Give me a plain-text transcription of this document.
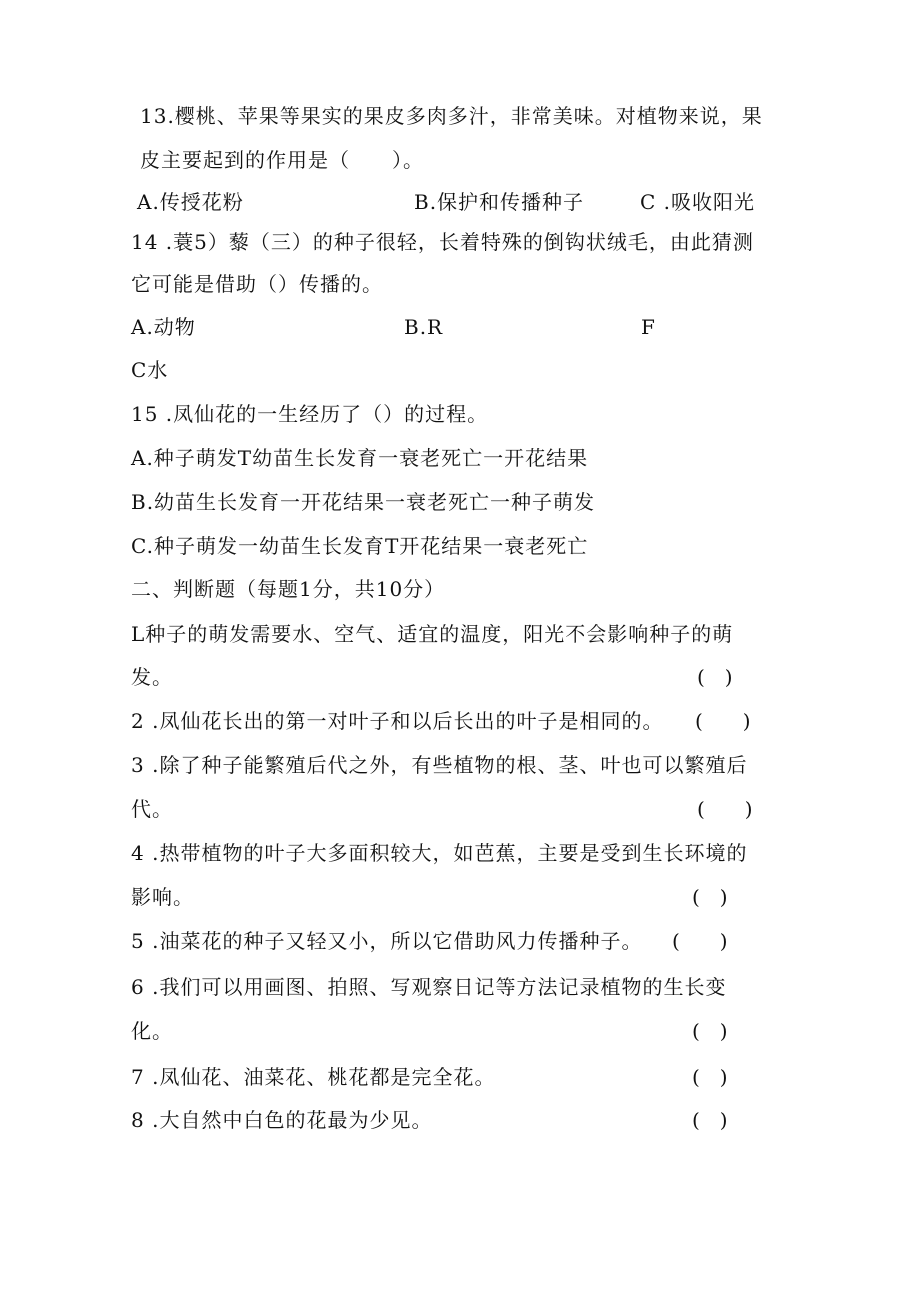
13.樱桃、苹果等果实的果皮多肉多汁，非常美味。对植物来说，果
皮主要起到的作用是（　　）。
A.传授花粉	B.保护和传播种子	C .吸收阳光
14 .蓑5）藜（三）的种子很轻，长着特殊的倒钩状绒毛，由此猜测
它可能是借助（）传播的。
A.动物	B.R	F
C水
15 .凤仙花的一生经历了（）的过程。
A.种子萌发T幼苗生长发育一衰老死亡一开花结果
B.幼苗生长发育一开花结果一衰老死亡一种子萌发
C.种子萌发一幼苗生长发育T开花结果一衰老死亡
二、判断题（每题1分，共10分）
L种子的萌发需要水、空气、适宜的温度，阳光不会影响种子的萌
发。	(　)
2 .凤仙花长出的第一对叶子和以后长出的叶子是相同的。 (　　)
3 .除了种子能繁殖后代之外，有些植物的根、茎、叶也可以繁殖后
代。	(　　)
4 .热带植物的叶子大多面积较大，如芭蕉，主要是受到生长环境的
影响。	(　)
5 .油菜花的种子又轻又小，所以它借助风力传播种子。 (　　)
6 .我们可以用画图、拍照、写观察日记等方法记录植物的生长变
化。	(　)
7 .凤仙花、油菜花、桃花都是完全花。	(　)
8 .大自然中白色的花最为少见。	(　)
